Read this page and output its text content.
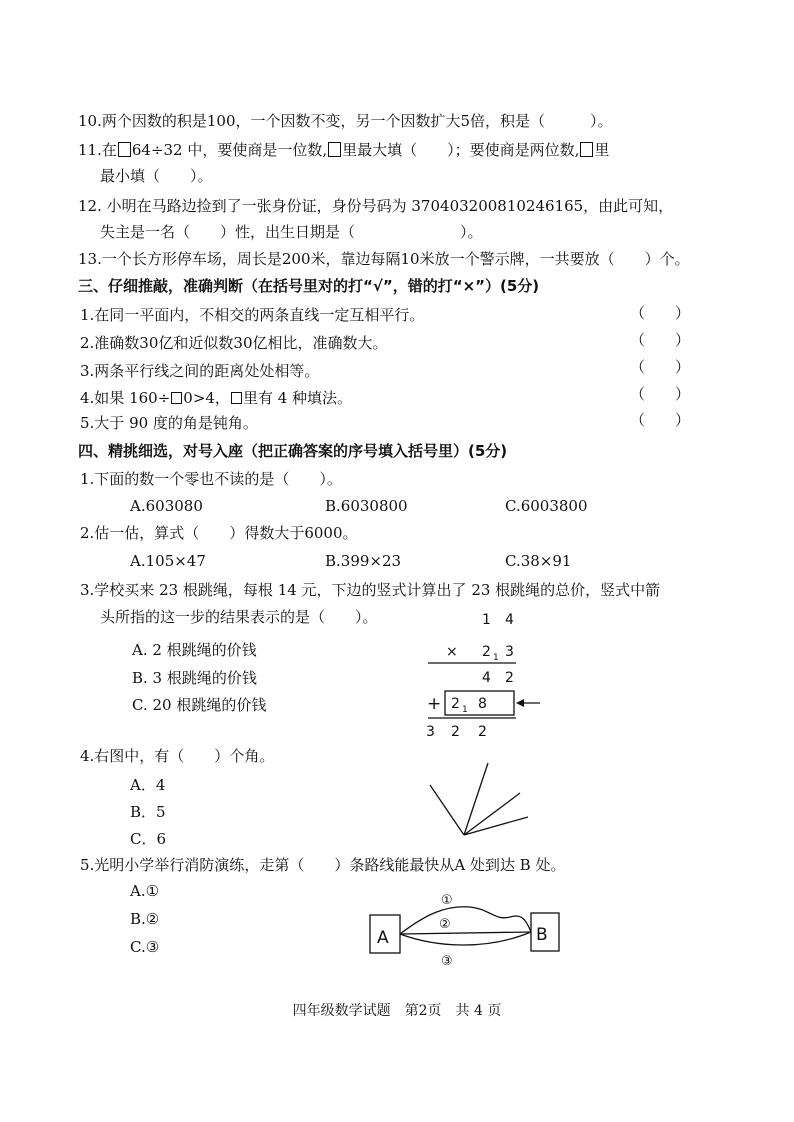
10.两个因数的积是100，一个因数不变，另一个因数扩大5倍，积是（　　　）。
11.在 64÷32 中，要使商是一位数, 里最大填（　　）；要使商是两位数, 里
最小填（　　）。
12. 小明在马路边捡到了一张身份证，身份号码为 370403200810246165，由此可知，
失主是一名（　　）性，出生日期是（　　　　　　　）。
13.一个长方形停车场，周长是200米，靠边每隔10米放一个警示牌，一共要放（　　）个。
三、仔细推敲，准确判断（在括号里对的打“√”，错的打“×”）(5分)
1.在同一平面内，不相交的两条直线一定互相平行。	（　　）
2.准确数30亿和近似数30亿相比，准确数大。	（　　）
3.两条平行线之间的距离处处相等。	（　　）
4.如果 160÷ 0>4， 里有 4 种填法。	（　　）
5.大于 90 度的角是钝角。	（　　）
四、精挑细选，对号入座（把正确答案的序号填入括号里）(5分)
1.下面的数一个零也不读的是（　　）。
A.603080	B.6030800	C.6003800
2.估一估，算式（　　）得数大于6000。
A.105×47	B.399×23	C.38×91
3.学校买来 23 根跳绳，每根 14 元，下边的竖式计算出了 23 根跳绳的总价，竖式中箭
头所指的这一步的结果表示的是（　　）。
A. 2 根跳绳的价钱
B. 3 根跳绳的价钱
C. 20 根跳绳的价钱
1 4
× 2 1 3
4 2
+ 2 1 8
3 2 2
4.右图中，有（　　）个角。
A．4
B．5
C．6
5.光明小学举行消防演练，走第（　　）条路线能最快从A 处到达 B 处。
A.①
B.②
C.③	A	B
①
②
③
四年级数学试题　第2页　共 4 页
